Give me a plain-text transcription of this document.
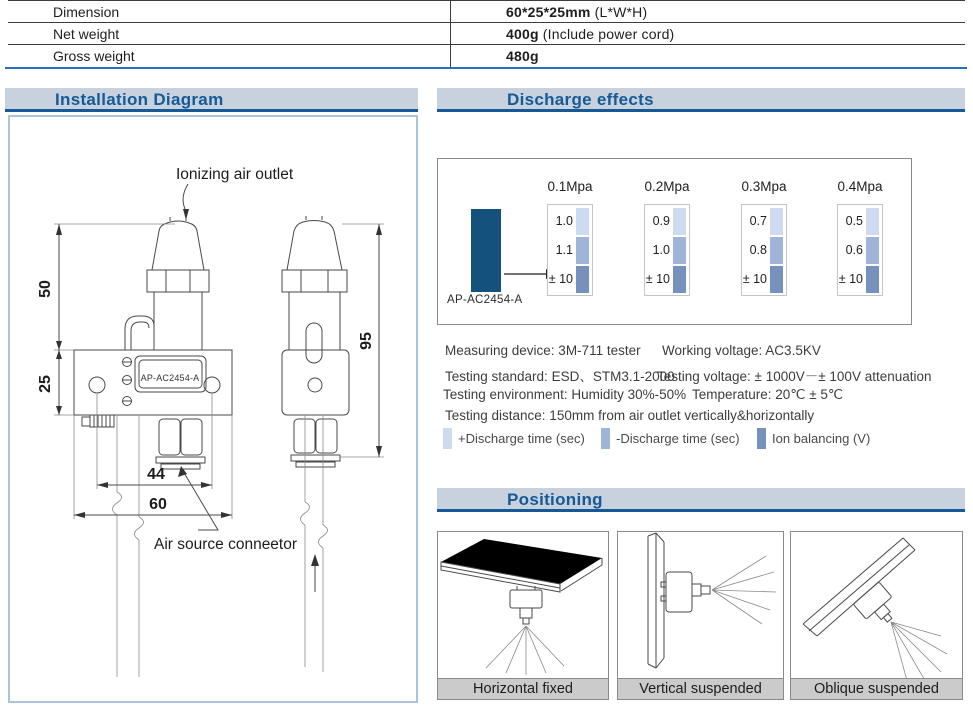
Dimension	60*25*25mm (L*W*H)
Net weight	400g (Include power cord)
Gross weight	480g
Installation Diagram	Discharge effects
Positioning
Ionizing air outlet
AP-AC2454-A
Air source conneetor
50
25
44
60
95
AP-AC2454-A
0.1Mpa
1.0
1.1
± 10
0.2Mpa
0.9
1.0
± 10
0.3Mpa
0.7
0.8
± 10
0.4Mpa
0.5
0.6
± 10
Measuring device: 3M-711 tester Working voltage: AC3.5KV
Testing standard: ESD、STM3.1-2000
Testing voltage: ± 1000V－± 100V attenuation
Testing environment: Humidity 30%-50% Temperature: 20℃ ± 5℃
Testing distance: 150mm from air outlet vertically&horizontally
+Discharge time (sec) -Discharge time (sec) Ion balancing (V)
Horizontal fixed	Vertical suspended	Oblique suspended
